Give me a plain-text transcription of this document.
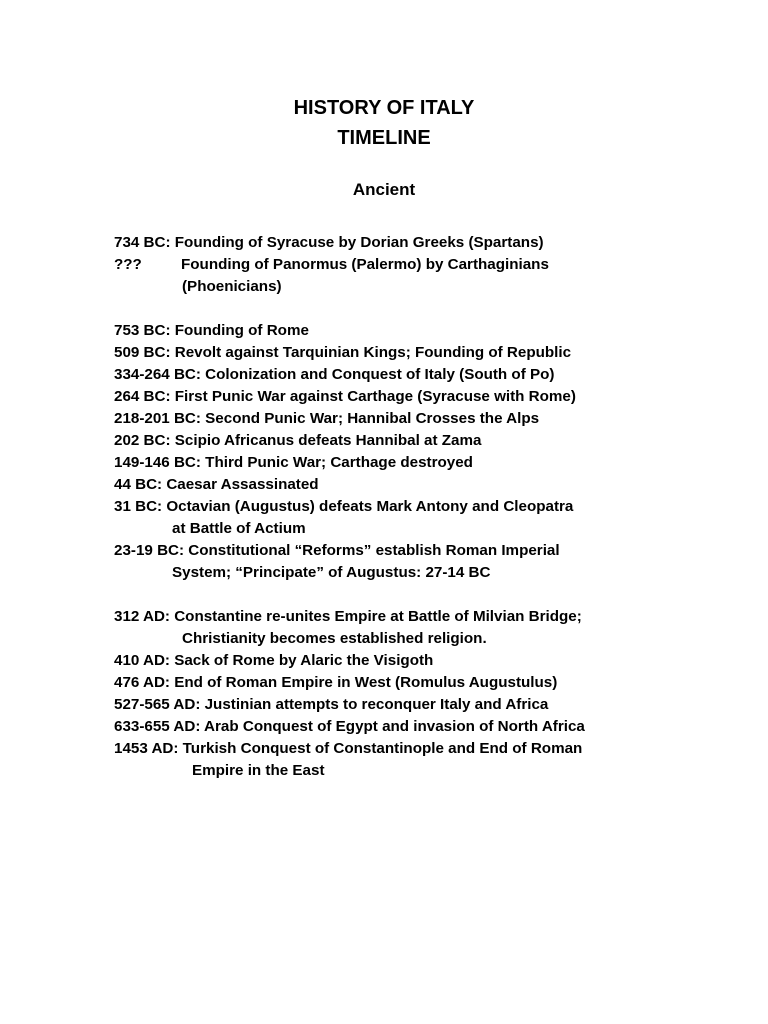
HISTORY OF ITALY
TIMELINE
Ancient
734 BC: Founding of Syracuse by Dorian Greeks (Spartans)
???	Founding of Panormus (Palermo) by Carthaginians
(Phoenicians)
753 BC: Founding of Rome
509 BC: Revolt against Tarquinian Kings; Founding of Republic
334-264 BC: Colonization and Conquest of Italy (South of Po)
264 BC: First Punic War against Carthage (Syracuse with Rome)
218-201 BC: Second Punic War; Hannibal Crosses the Alps
202 BC: Scipio Africanus defeats Hannibal at Zama
149-146 BC: Third Punic War; Carthage destroyed
44 BC: Caesar Assassinated
31 BC: Octavian (Augustus) defeats Mark Antony and Cleopatra
at Battle of Actium
23-19 BC: Constitutional “Reforms” establish Roman Imperial
System; “Principate” of Augustus: 27-14 BC
312 AD: Constantine re-unites Empire at Battle of Milvian Bridge;
Christianity becomes established religion.
410 AD: Sack of Rome by Alaric the Visigoth
476 AD: End of Roman Empire in West (Romulus Augustulus)
527-565 AD: Justinian attempts to reconquer Italy and Africa
633-655 AD: Arab Conquest of Egypt and invasion of North Africa
1453 AD: Turkish Conquest of Constantinople and End of Roman
Empire in the East
